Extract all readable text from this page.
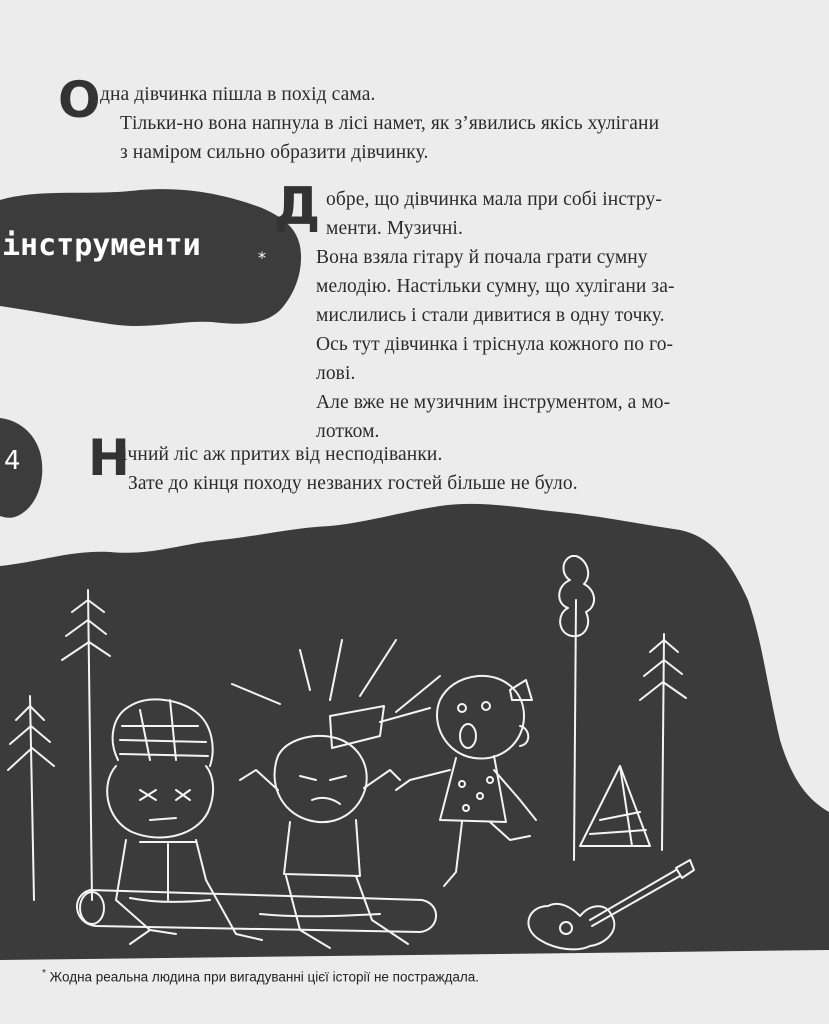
інструменти	*
4
О дна дівчинка пішла в похід сама.
Тільки-но вона напнула в лісі намет, як з’явились якісь хулігани
з наміром сильно образити дівчинку.
Д обре, що дівчинка мала при собі інстру-
менти. Музичні.
Вона взяла гітару й почала грати сумну
мелодію. Настільки сумну, що хулігани за-
мислились і стали дивитися в одну точку.
Ось тут дівчинка і тріснула кожного по го-
лові.
Але вже не музичним інструментом, а мо-
лотком.
Н
ічний ліс аж притих від несподіванки.
Зате до кінця походу незваних гостей більше не було.
* Жодна реальна людина при вигадуванні цієї історії не постраждала.
